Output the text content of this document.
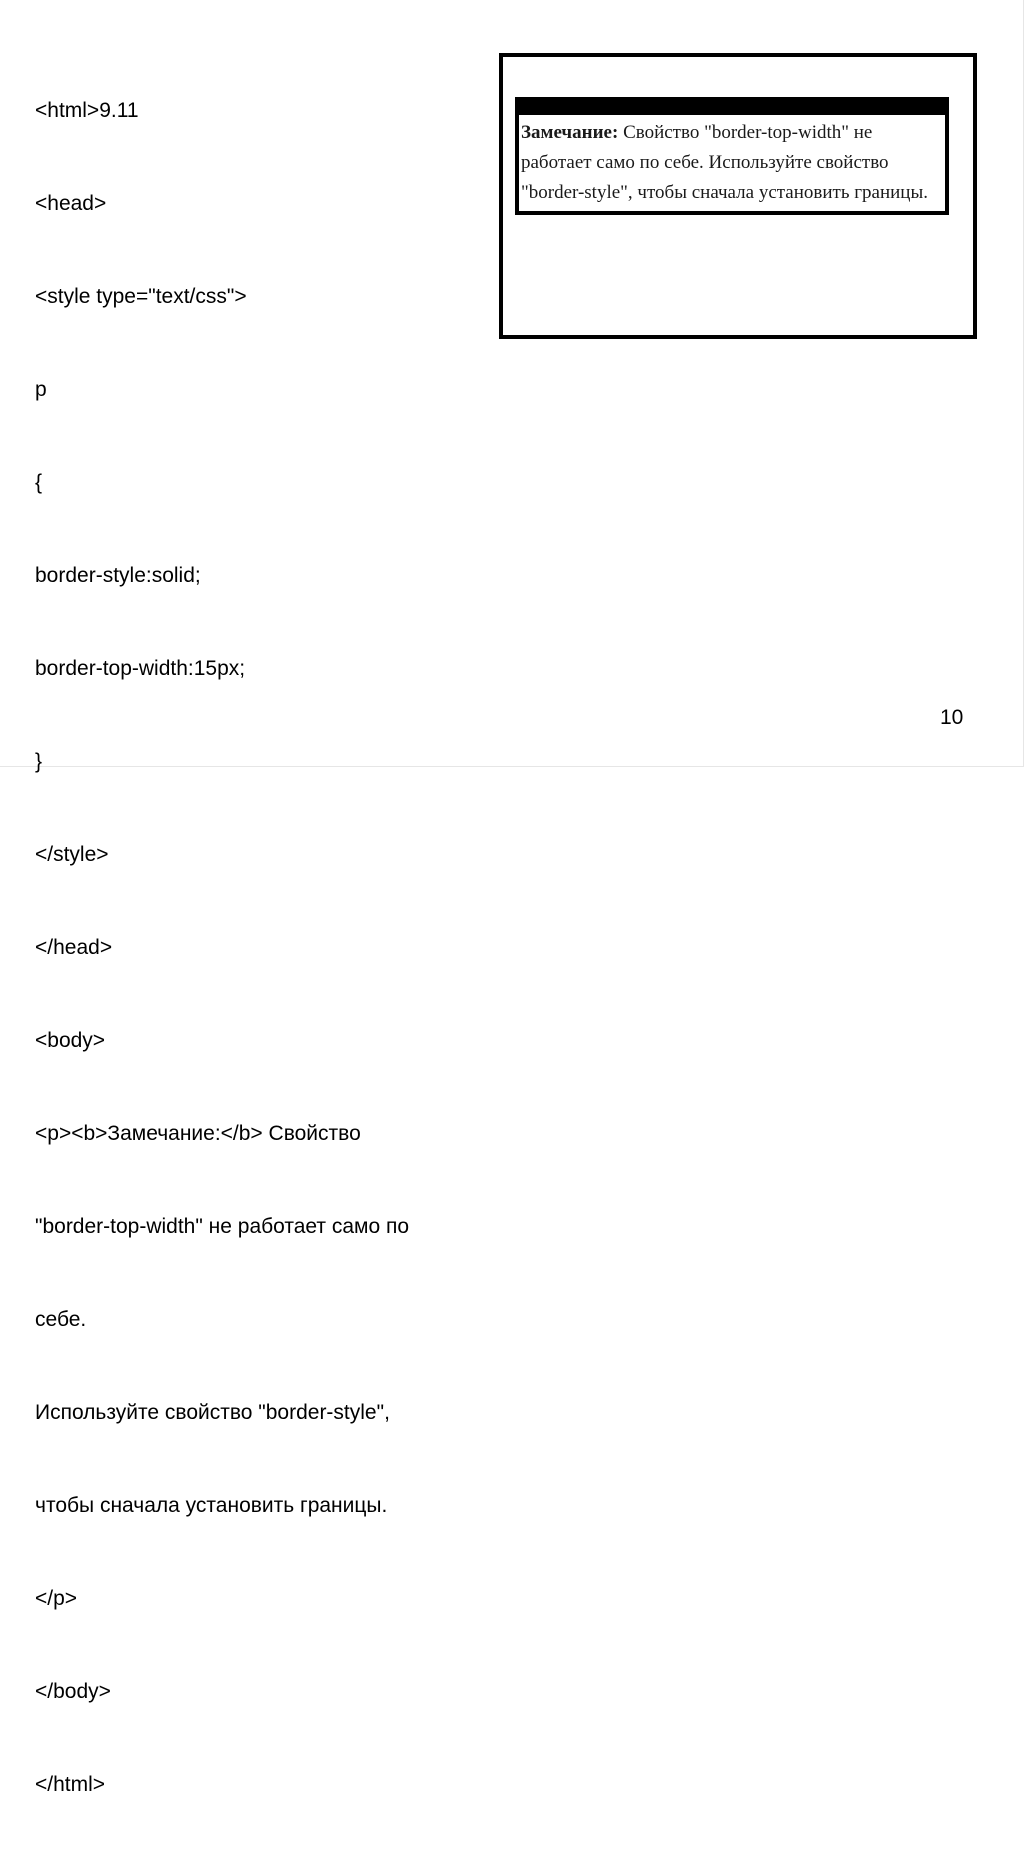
<html>9.11

<head>

<style type="text/css">

p

{

border-style:solid;

border-top-width:15px;

}

</style>

</head>

<body>

<p><b>Замечание:</b> Свойство

"border-top-width" не работает само по

себе.

Используйте свойство "border-style",

чтобы сначала установить границы.

</p>

</body>

</html>

Замечание: Свойство "border-top-width" не работает само по себе. Используйте свойство "border-style", чтобы сначала установить границы.

10
